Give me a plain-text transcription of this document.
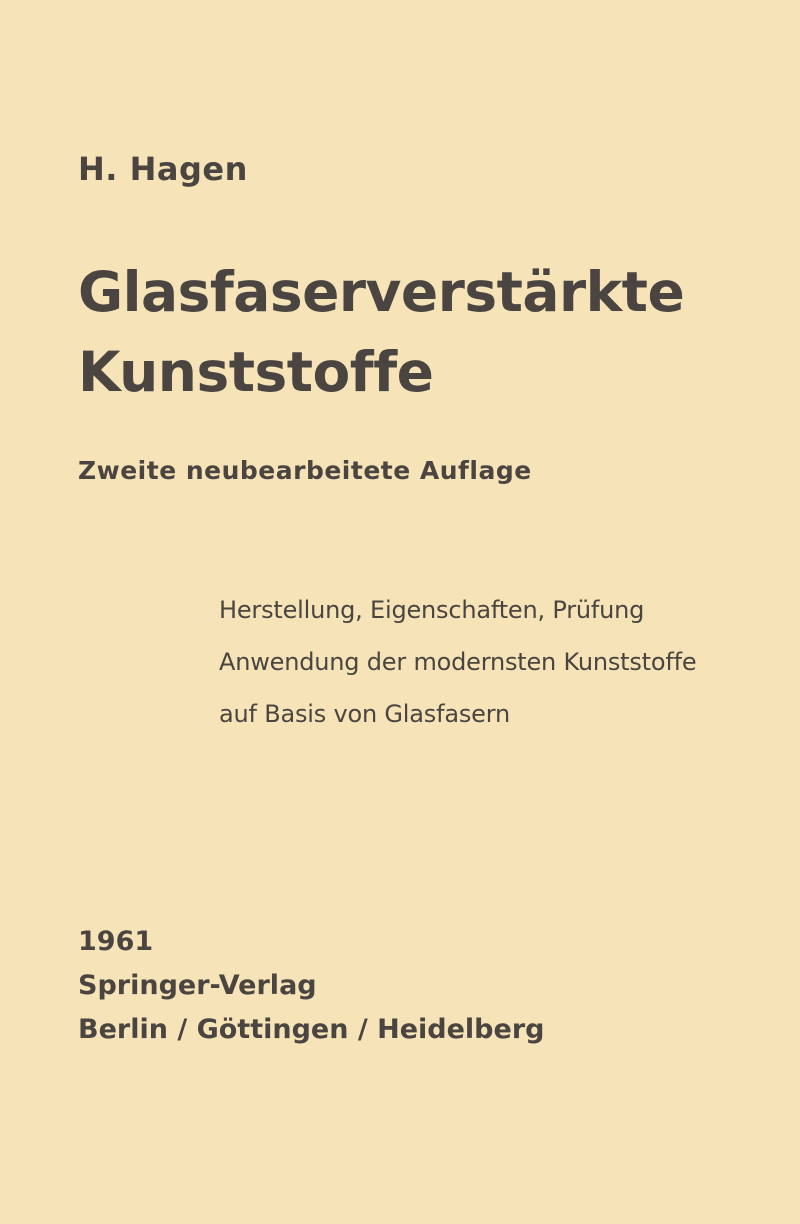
H. Hagen
Glasfaserverstärkte
Kunststoffe
Zweite neubearbeitete Auflage
Herstellung, Eigenschaften, Prüfung
Anwendung der modernsten Kunststoffe
auf Basis von Glasfasern
1961
Springer-Verlag
Berlin / Göttingen / Heidelberg
